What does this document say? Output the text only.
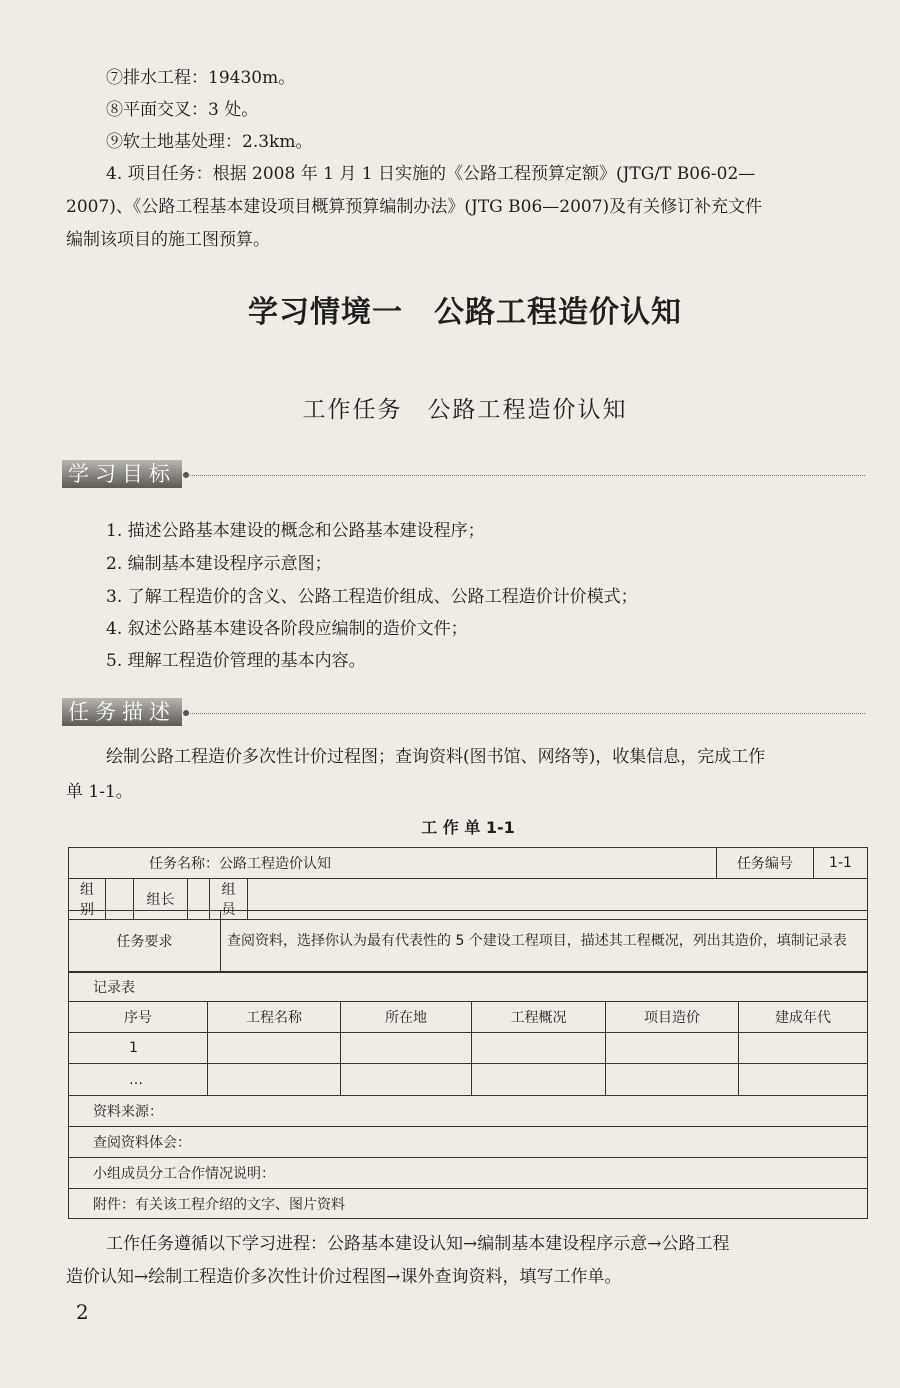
⑦排水工程：19430m。
⑧平面交叉：3 处。
⑨软土地基处理：2.3km。
4. 项目任务：根据 2008 年 1 月 1 日实施的《公路工程预算定额》(JTG/T B06-02—
2007)、《公路工程基本建设项目概算预算编制办法》(JTG B06—2007)及有关修订补充文件
编制该项目的施工图预算。
学习情境一　公路工程造价认知
工作任务　公路工程造价认知
学习目标
1. 描述公路基本建设的概念和公路基本建设程序；
2. 编制基本建设程序示意图；
3. 了解工程造价的含义、公路工程造价组成、公路工程造价计价模式；
4. 叙述公路基本建设各阶段应编制的造价文件；
5. 理解工程造价管理的基本内容。
任务描述
绘制公路工程造价多次性计价过程图；查询资料(图书馆、网络等)，收集信息，完成工作
单 1-1。
工 作 单 1-1
任务名称：公路工程造价认知	任务编号	1-1
组别		组长		组员	
任务要求	查阅资料，选择你认为最有代表性的 5 个建设工程项目，描述其工程概况，列出其造价，填制记录表
记录表					
序号	工程名称	所在地	工程概况	项目造价	建成年代
1					
…					
资料来源：					
查阅资料体会：					
小组成员分工合作情况说明：					
附件：有关该工程介绍的文字、图片资料					
工作任务遵循以下学习进程：公路基本建设认知→编制基本建设程序示意→公路工程
造价认知→绘制工程造价多次性计价过程图→课外查询资料，填写工作单。
2
